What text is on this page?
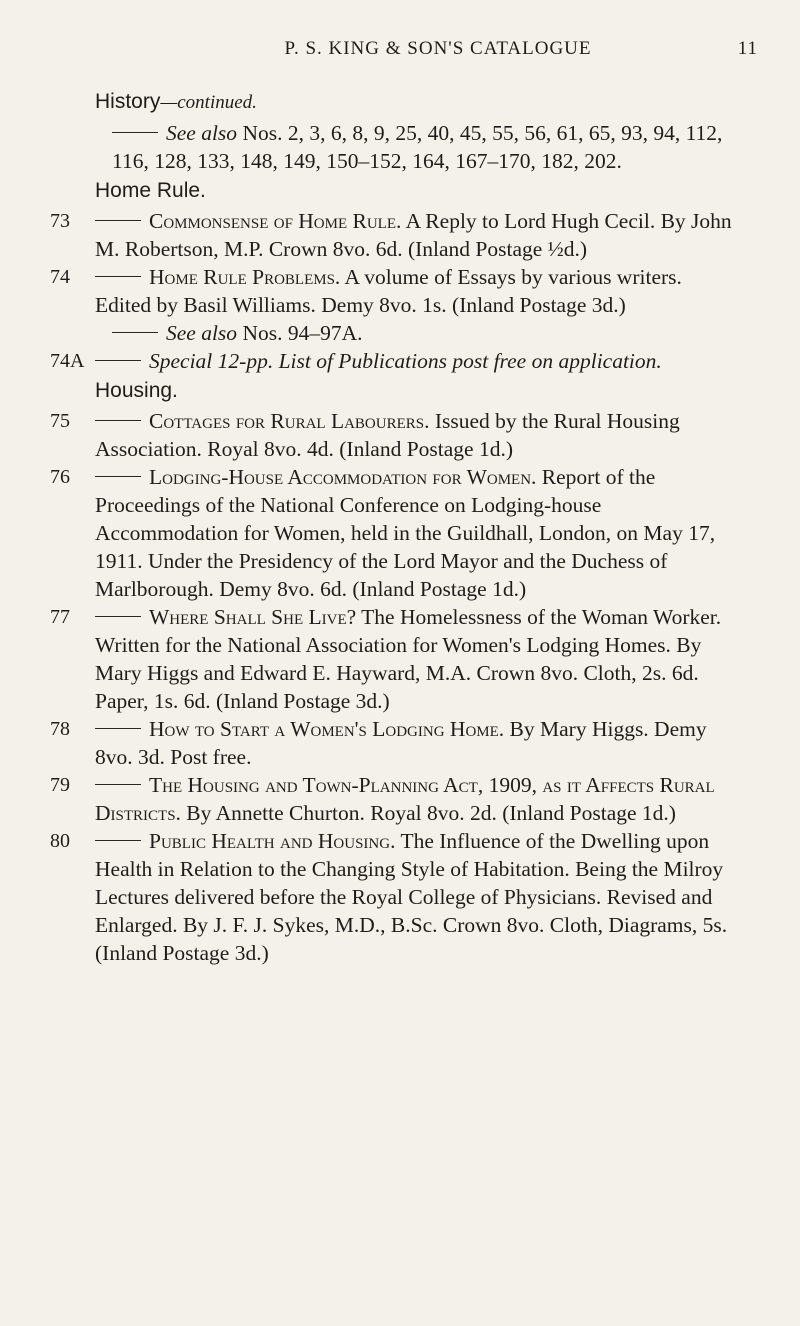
P. S. KING & SON'S CATALOGUE	11
History—continued.
See also Nos. 2, 3, 6, 8, 9, 25, 40, 45, 55, 56, 61, 65, 93, 94, 112, 116, 128, 133, 148, 149, 150–152, 164, 167–170, 182, 202.
Home Rule.
73	Commonsense of Home Rule. A Reply to Lord Hugh Cecil. By John M. Robertson, M.P. Crown 8vo. 6d. (Inland Postage ½d.)
74	Home Rule Problems. A volume of Essays by various writers. Edited by Basil Williams. Demy 8vo. 1s. (Inland Postage 3d.)
See also Nos. 94–97A.
74A	Special 12-pp. List of Publications post free on application.
Housing.
75	Cottages for Rural Labourers. Issued by the Rural Housing Association. Royal 8vo. 4d. (Inland Postage 1d.)
76	Lodging-House Accommodation for Women. Report of the Proceedings of the National Conference on Lodging-house Accommodation for Women, held in the Guildhall, London, on May 17, 1911. Under the Presidency of the Lord Mayor and the Duchess of Marlborough. Demy 8vo. 6d. (Inland Postage 1d.)
77	Where Shall She Live? The Homelessness of the Woman Worker. Written for the National Association for Women's Lodging Homes. By Mary Higgs and Edward E. Hayward, M.A. Crown 8vo. Cloth, 2s. 6d. Paper, 1s. 6d. (Inland Postage 3d.)
78	How to Start a Women's Lodging Home. By Mary Higgs. Demy 8vo. 3d. Post free.
79	The Housing and Town-Planning Act, 1909, as it Affects Rural Districts. By Annette Churton. Royal 8vo. 2d. (Inland Postage 1d.)
80	Public Health and Housing. The Influence of the Dwelling upon Health in Relation to the Changing Style of Habitation. Being the Milroy Lectures delivered before the Royal College of Physicians. Revised and Enlarged. By J. F. J. Sykes, M.D., B.Sc. Crown 8vo. Cloth, Diagrams, 5s. (Inland Postage 3d.)
